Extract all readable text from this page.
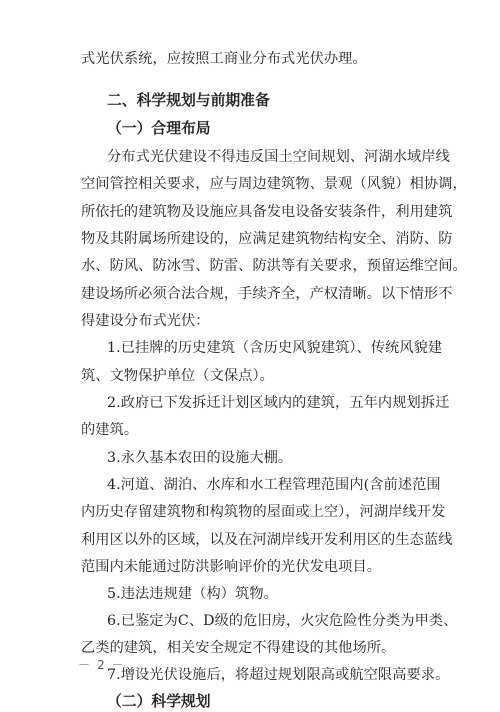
式光伏系统，应按照工商业分布式光伏办理。
二、科学规划与前期准备
（一）合理布局
分布式光伏建设不得违反国土空间规划、河湖水域岸线
空间管控相关要求，应与周边建筑物、景观（风貌）相协调，
所依托的建筑物及设施应具备发电设备安装条件，利用建筑
物及其附属场所建设的，应满足建筑物结构安全、消防、防
水、防风、防冰雪、防雷、防洪等有关要求，预留运维空间。
建设场所必须合法合规，手续齐全，产权清晰。以下情形不
得建设分布式光伏：
1.已挂牌的历史建筑（含历史风貌建筑）、传统风貌建
筑、文物保护单位（文保点）。
2.政府已下发拆迁计划区域内的建筑，五年内规划拆迁
的建筑。
3.永久基本农田的设施大棚。
4.河道、湖泊、水库和水工程管理范围内(含前述范围
内历史存留建筑物和构筑物的屋面或上空），河湖岸线开发
利用区以外的区域，以及在河湖岸线开发利用区的生态蓝线
范围内未能通过防洪影响评价的光伏发电项目。
5.违法违规建（构）筑物。
6.已鉴定为C、D级的危旧房，火灾危险性分类为甲类、
乙类的建筑，相关安全规定不得建设的其他场所。
7.增设光伏设施后，将超过规划限高或航空限高要求。
（二）科学规划
－ 2 －
